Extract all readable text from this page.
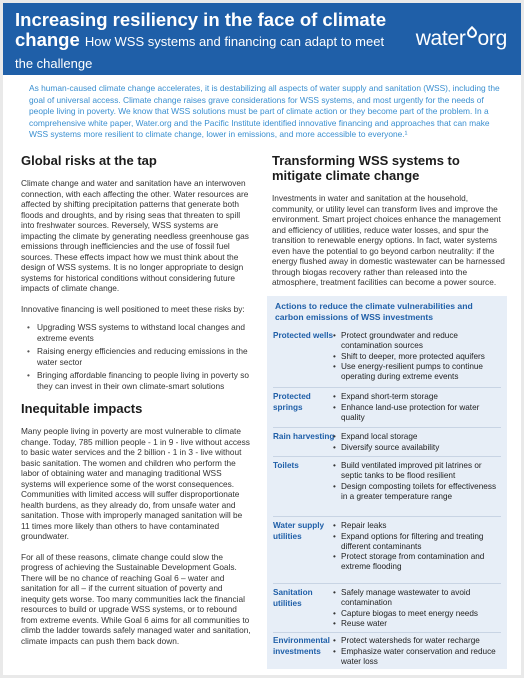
Increasing resiliency in the face of climate change How WSS systems and financing can adapt to meet the challenge
water org
As human-caused climate change accelerates, it is destabilizing all aspects of water supply and sanitation (WSS), including the goal of universal access. Climate change raises grave considerations for WSS systems, and most urgently for the needs of people living in poverty. We know that WSS solutions must be part of climate action or they become part of the problem. In a comprehensive white paper, Water.org and the Pacific Institute identified innovative financing and approaches that can make WSS systems more resilient to climate change, lower in emissions, and more accessible to everyone.¹
Global risks at the tap

Climate change and water and sanitation have an interwoven connection, with each affecting the other. Water resources are affected by shifting precipitation patterns that generate both floods and droughts, and by rising seas that threaten to spill into freshwater sources. Reversely, WSS systems are impacting the climate by generating needless greenhouse gas emissions through inefficiencies and the use of fossil fuel sources. These effects impact how we must think about the design of WSS systems. It is no longer appropriate to design systems for historical conditions without considering future impacts of climate change.

Innovative financing is well positioned to meet these risks by:

• Upgrading WSS systems to withstand local changes and extreme events
• Raising energy efficiencies and reducing emissions in the water sector
• Bringing affordable financing to people living in poverty so they can invest in their own climate-smart solutions
Inequitable impacts

Many people living in poverty are most vulnerable to climate change. Today, 785 million people - 1 in 9 - live without access to basic water services and the 2 billion - 1 in 3 - live without basic sanitation. The women and children who perform the labor of obtaining water and managing traditional WSS systems will experience some of the worst consequences. Communities with limited access will suffer disproportionate health burdens, as they already do, from unsafe water and sanitation. Those with improperly managed sanitation will be 11 times more likely than others to have contaminated groundwater.

For all of these reasons, climate change could slow the progress of achieving the Sustainable Development Goals. There will be no chance of reaching Goal 6 – water and sanitation for all – if the current situation of poverty and inequity gets worse. Too many communities lack the financial resources to build or upgrade WSS systems, or to rebound from extreme events. While Goal 6 aims for all communities to climb the ladder towards safely managed water and sanitation, climate impacts can push them back down.

Transforming WSS systems to mitigate climate change

Investments in water and sanitation at the household, community, or utility level can transform lives and improve the environment. Smart project choices enhance the management and efficiency of utilities, reduce water losses, and spur the transition to renewable energy options. In fact, water systems even have the potential to go beyond carbon neutrality: if the energy flushed away in domestic wastewater can be harnessed through biogas recovery rather than released into the atmosphere, treatment facilities can become a power source.

Actions to reduce the climate vulnerabilities and carbon emissions of WSS investments
Protected wells • Protect groundwater and reduce contamination sources
• Shift to deeper, more protected aquifers
• Use energy-resilient pumps to continue operating during extreme events
Protected springs
• Expand short-term storage
• Enhance land-use protection for water quality
Rain harvesting • Expand local storage
• Diversify source availability
Toilets	• Build ventilated improved pit latrines or septic tanks to be flood resilient
• Design composting toilets for effectiveness in a greater temperature range
Water supply utilities
• Repair leaks
• Expand options for filtering and treating different contaminants
• Protect storage from contamination and extreme flooding
Sanitation utilities
• Safely manage wastewater to avoid contamination
• Capture biogas to meet energy needs
• Reuse water
Environmental investments
• Protect watersheds for water recharge
• Emphasize water conservation and reduce water loss
